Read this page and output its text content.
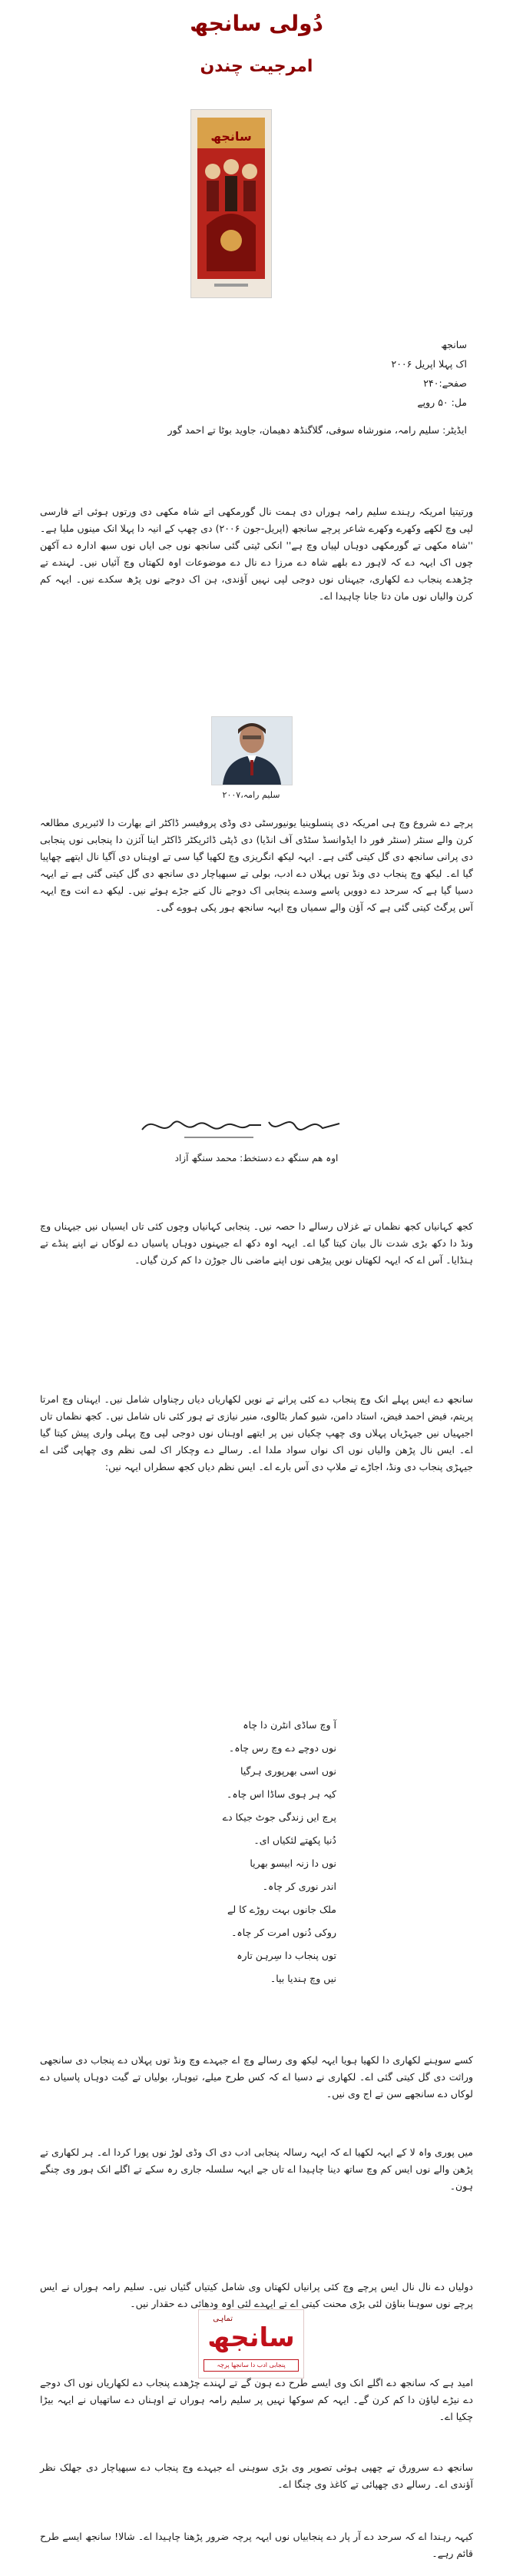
دُولی سانجھ
امرجیت چندن
سانجھ
سانجھ
اک پہلا اپریل ۲۰۰۶
صفحے:۲۴۰
مل: ۵۰ روپے
ایڈیٹر: سلیم رامہ، منورشاہ سوفی، گلاگنڈھ دھیمان، جاوید بوٹا تے احمد گور

ورتیتیا امریکہ رہندے سلیم رامہ ہوراں دی ہمت نال گورمکھی اتے شاہ مکھی دی ورتوں ہوئی اتے فارسی لپی وچ لکھے وکھرے وکھرے شاعر پرچے سانجھ (اپریل-جون ۲۰۰۶) دی چھپ کے انیہ دا پہلا انک مینوں ملیا ہے۔ ''شاہ مکھی تے گورمکھی دوہاں لپیاں وچ ہے'' انکی ٹیتی گئی سانجھ نوں جی ایاں نوں سبھ ادارہ دے آکھن چوں اک ایہہ دے کہ لاہور دے بلھے شاہ دے مرزا دے نال دے موضوعات اوہ لکھتاں وچ آئیاں نیں۔ لہندے تے چڑھدے پنجاب دے لکھاری، جیہناں نوں دوجی لپی نہیں آؤندی، ہن اک دوجے نوں پڑھ سکدے نیں۔ ایہہ کم کرن والیاں نوں مان دتا جانا چاہیدا اے۔

سلیم رامہ،۲۰۰۷

پرچے دے شروع وچ ہی امریکہ دی پنسلوینیا یونیورسٹی دی وڈی پروفیسر ڈاکٹر اتے بھارت دا لائبریری مطالعہ کرن والے سنٹر (سنٹر فور دا ایڈوانسڈ سٹڈی آف انڈیا) دی ڈپٹی ڈائریکٹر ڈاکٹر اینا آئزن دا پنجابی نوں پنجابی دی پرانی سانجھ دی گل کیتی گئی ہے۔ ایہہ لیکھ انگریزی وچ لکھیا گیا سی تے اوہناں دی آگیا نال ایتھے چھاپیا گیا اے۔ لیکھ وچ پنجاب دی ونڈ توں پہلاں دے ادب، بولی تے سبھیاچار دی سانجھ دی گل کیتی گئی ہے تے ایہہ دسیا گیا ہے کہ سرحد دے دوویں پاسے وسدے پنجابی اک دوجے نال کنے جڑے ہوئے نیں۔ لیکھ دے انت وچ ایہہ آس پرگٹ کیتی گئی ہے کہ آؤن والے سمیاں وچ ایہہ سانجھ ہور پکی ہووے گی۔

اوہ ھم سنگھ دے دستخط: محمد سنگھ آزاد

کجھ کہانیاں کجھ نظماں تے غزلاں رسالے دا حصہ نیں۔ پنجابی کہانیاں وچوں کئی تاں ایسیاں نیں جیہناں وچ ونڈ دا دکھ بڑی شدت نال بیان کیتا گیا اے۔ ایہہ اوہ دکھ اے جیہنوں دوہاں پاسیاں دے لوکاں نے اپنے پنڈے تے ہنڈایا۔ آس اے کہ ایہہ لکھتاں نویں پیڑھی نوں اپنے ماضی نال جوڑن دا کم کرن گیاں۔

سانجھ دے ایس پہلے انک وچ پنجاب دے کئی پرانے تے نویں لکھاریاں دیاں رچناواں شامل نیں۔ ایہناں وچ امرتا پریتم، فیض احمد فیض، استاد دامن، شیو کمار بٹالوی، منیر نیازی تے ہور کئی ناں شامل نیں۔ کجھ نظماں تاں اجیہیاں نیں جیہڑیاں پہلاں وی چھپ چکیاں نیں پر ایتھے اوہناں نوں دوجی لپی وچ پہلی واری پیش کیتا گیا اے۔ ایس نال پڑھن والیاں نوں اک نواں سواد ملدا اے۔ رسالے دے وچکار اک لمی نظم وی چھاپی گئی اے جیہڑی پنجاب دی ونڈ، اجاڑے تے ملاپ دی آس بارے اے۔ ایس نظم دیاں کجھ سطراں ایہہ نیں:

آ وچ ساڈی انٹرن دا چاہ
نوں دوچے دے وچ رس چاہ۔
نوں اسی بھرپوری ہرگیا
کیہ ہر ہوی ساڈا اس چاہ۔
پرچ ایں زندگی جوٹ جیکا دے
دُنیا پکھتے لئکیاں ای۔
نوں دا زنہ ابیسو بھریا
اندر نوری کر چاہ۔
ملک جانوں بہت روڑے کا لے
روکی دُنوں امرت کر چاہ۔
توں پنجاب دا سِرہن تارہ
نیں وچ ہندیا بیا۔

کسے سوہنے لکھاری دا لکھیا ہویا ایہہ لیکھ وی رسالے وچ اے جیہدے وچ ونڈ توں پہلاں دے پنجاب دی سانجھی وراثت دی گل کیتی گئی اے۔ لکھاری نے دسیا اے کہ کس طرح میلے، تیوہار، بولیاں تے گیت دوہاں پاسیاں دے لوکاں دے سانجھے سن تے اج وی نیں۔

میں پوری واہ لا کے ایہہ لکھیا اے کہ ایہہ رسالہ پنجابی ادب دی اک وڈی لوڑ نوں پورا کردا اے۔ ہر لکھاری تے پڑھن والے نوں ایس کم وچ ساتھ دینا چاہیدا اے تاں جے ایہہ سلسلہ جاری رہ سکے تے اگلے انک ہور وی چنگے ہون۔

تماہی
سانجھ
پنجابی ادب دا سانجھا پرچہ

دولیاں دے نال نال ایس پرچے وچ کئی پرانیاں لکھتاں وی شامل کیتیاں گئیاں نیں۔ سلیم رامہ ہوراں نے ایس پرچے نوں سوہنا بناؤن لئی بڑی محنت کیتی اے تے ایہدے لئی اوہ ودھائی دے حقدار نیں۔

امید ہے کہ سانجھ دے اگلے انک وی ایسے طرح دے ہون گے تے لہندے چڑھدے پنجاب دے لکھاریاں نوں اک دوجے دے نیڑے لیاؤن دا کم کرن گے۔ ایہہ کم سوکھا نہیں پر سلیم رامہ ہوراں تے اوہناں دے ساتھیاں نے ایہہ بیڑا چکیا اے۔

سانجھ دے سرورق تے چھپی ہوئی تصویر وی بڑی سوہنی اے جیہدے وچ پنجاب دے سبھیاچار دی جھلک نظر آؤندی اے۔ رسالے دی چھپائی تے کاغذ وی چنگا اے۔

کیہہ رہندا اے کہ سرحد دے آر پار دے پنجابیاں نوں ایہہ پرچہ ضرور پڑھنا چاہیدا اے۔ شالا! سانجھ ایسے طرح قائم رہے۔
